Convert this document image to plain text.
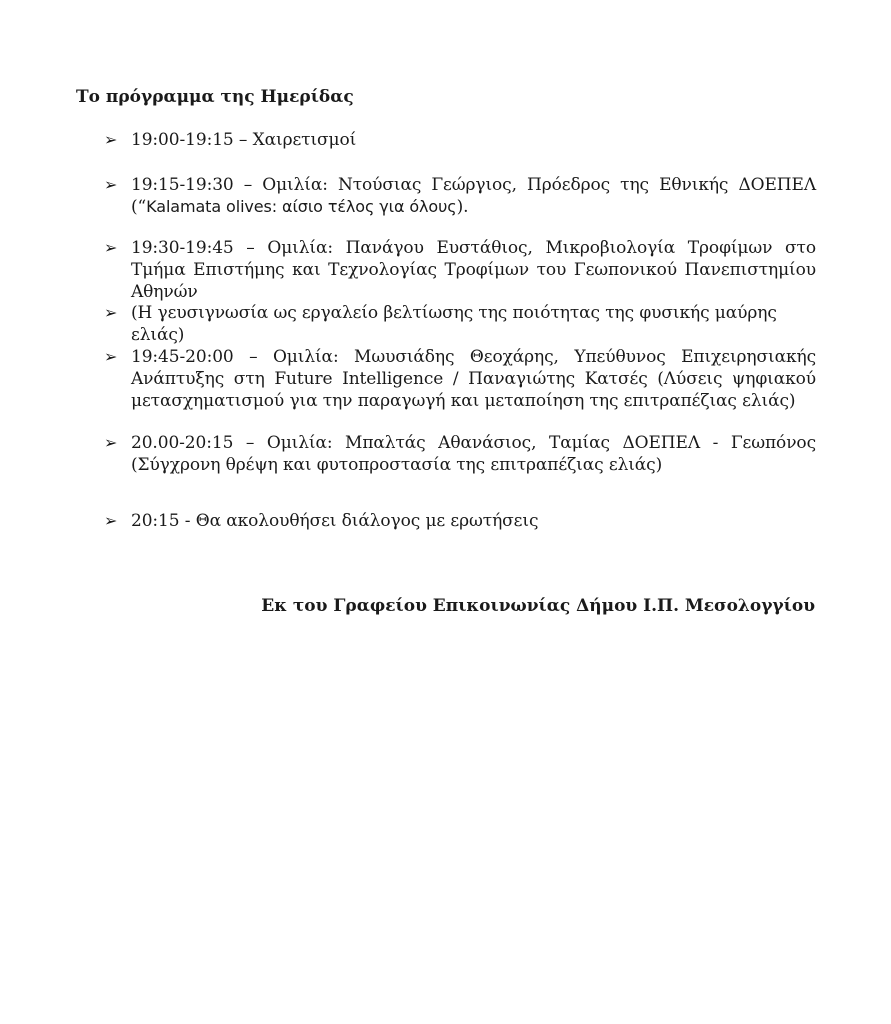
Το πρόγραμμα της Ημερίδας
➢ 19:00-19:15 – Χαιρετισμοί
➢ 19:15-19:30 – Ομιλία: Ντούσιας Γεώργιος, Πρόεδρος της Εθνικής ΔΟΕΠΕΛ (“Kalamata olives: αίσιο τέλος για όλους).
➢ 19:30-19:45 – Ομιλία: Πανάγου Ευστάθιος, Μικροβιολογία Τροφίμων στο Τμήμα Επιστήμης και Τεχνολογίας Τροφίμων του Γεωπονικού Πανεπιστημίου Αθηνών
➢ (Η γευσιγνωσία ως εργαλείο βελτίωσης της ποιότητας της φυσικής μαύρης ελιάς)
➢ 19:45-20:00 – Ομιλία: Μωυσιάδης Θεοχάρης, Υπεύθυνος Επιχειρησιακής Ανάπτυξης στη Future Intelligence / Παναγιώτης Κατσές (Λύσεις ψηφιακού μετασχηματισμού για την παραγωγή και μεταποίηση της επιτραπέζιας ελιάς)
➢ 20.00-20:15 – Ομιλία: Μπαλτάς Αθανάσιος, Ταμίας ΔΟΕΠΕΛ - Γεωπόνος (Σύγχρονη θρέψη και φυτοπροστασία της επιτραπέζιας ελιάς)
➢ 20:15 - Θα ακολουθήσει διάλογος με ερωτήσεις

Εκ του Γραφείου Επικοινωνίας Δήμου Ι.Π. Μεσολογγίου
